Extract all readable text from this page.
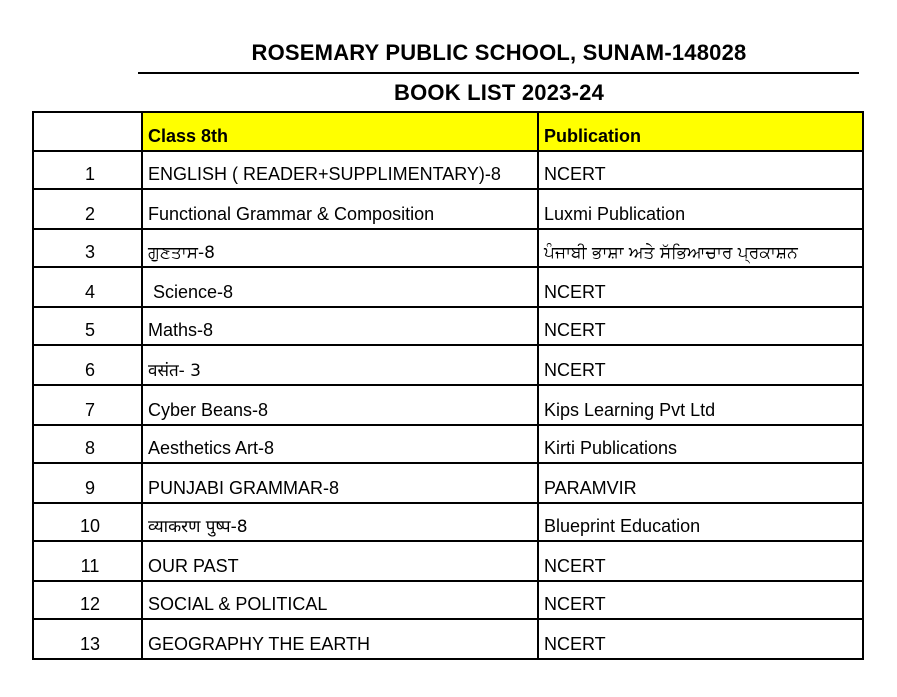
ROSEMARY PUBLIC SCHOOL, SUNAM-148028
BOOK LIST 2023-24
	Class 8th	Publication
1	ENGLISH ( READER+SUPPLIMENTARY)-8	NCERT
2	Functional Grammar & Composition	Luxmi Publication
3	ਗੁਣਤਾਸ-8	ਪੰਜਾਬੀ ਭਾਸ਼ਾ ਅਤੇ ਸੱਭਿਆਚਾਰ ਪ੍ਰਕਾਸ਼ਨ
4	Science-8	NCERT
5	Maths-8	NCERT
6	वसंत- 3	NCERT
7	Cyber Beans-8	Kips Learning Pvt Ltd
8	Aesthetics Art-8	Kirti Publications
9	PUNJABI GRAMMAR-8	PARAMVIR
10	व्याकरण पुष्प-8	Blueprint Education
11	OUR PAST	NCERT
12	SOCIAL & POLITICAL	NCERT
13	GEOGRAPHY THE EARTH	NCERT
